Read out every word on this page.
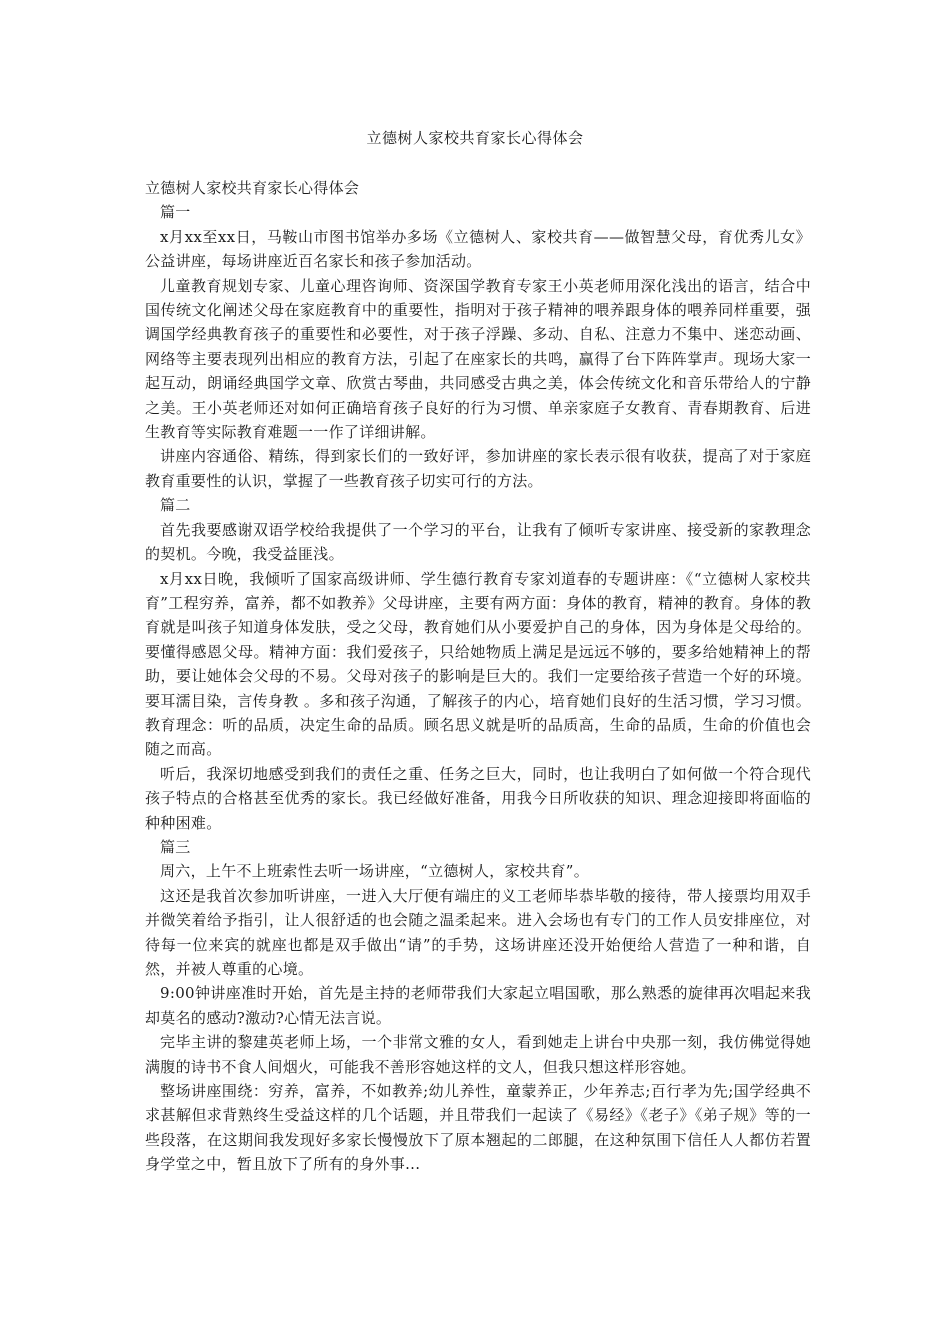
立德树人家校共育家长心得体会

立德树人家校共育家长心得体会

篇一

x月xx至xx日，马鞍山市图书馆举办多场《立德树人、家校共育——做智慧父母，育优秀儿女》公益讲座，每场讲座近百名家长和孩子参加活动。

儿童教育规划专家、儿童心理咨询师、资深国学教育专家王小英老师用深化浅出的语言，结合中国传统文化阐述父母在家庭教育中的重要性，指明对于孩子精神的喂养跟身体的喂养同样重要，强调国学经典教育孩子的重要性和必要性，对于孩子浮躁、多动、自私、注意力不集中、迷恋动画、网络等主要表现列出相应的教育方法，引起了在座家长的共鸣，赢得了台下阵阵掌声。现场大家一起互动，朗诵经典国学文章、欣赏古琴曲，共同感受古典之美，体会传统文化和音乐带给人的宁静之美。王小英老师还对如何正确培育孩子良好的行为习惯、单亲家庭子女教育、青春期教育、后进生教育等实际教育难题一一作了详细讲解。

讲座内容通俗、精练，得到家长们的一致好评，参加讲座的家长表示很有收获，提高了对于家庭教育重要性的认识，掌握了一些教育孩子切实可行的方法。

篇二

首先我要感谢双语学校给我提供了一个学习的平台，让我有了倾听专家讲座、接受新的家教理念的契机。今晚，我受益匪浅。

x月xx日晚，我倾听了国家高级讲师、学生德行教育专家刘道春的专题讲座：《“立德树人家校共育”工程穷养，富养，都不如教养》父母讲座，主要有两方面：身体的教育，精神的教育。身体的教育就是叫孩子知道身体发肤，受之父母，教育她们从小要爱护自己的身体，因为身体是父母给的。要懂得感恩父母。精神方面：我们爱孩子，只给她物质上满足是远远不够的，要多给她精神上的帮助，要让她体会父母的不易。父母对孩子的影响是巨大的。我们一定要给孩子营造一个好的环境。要耳濡目染，言传身教 。多和孩子沟通，了解孩子的内心，培育她们良好的生活习惯，学习习惯。教育理念：听的品质，决定生命的品质。顾名思义就是听的品质高，生命的品质，生命的价值也会随之而高。

听后，我深切地感受到我们的责任之重、任务之巨大，同时，也让我明白了如何做一个符合现代孩子特点的合格甚至优秀的家长。我已经做好准备，用我今日所收获的知识、理念迎接即将面临的种种困难。

篇三

周六，上午不上班索性去听一场讲座，“立德树人，家校共育”。

这还是我首次参加听讲座，一进入大厅便有端庄的义工老师毕恭毕敬的接待，带人接票均用双手并微笑着给予指引，让人很舒适的也会随之温柔起来。进入会场也有专门的工作人员安排座位，对待每一位来宾的就座也都是双手做出“请”的手势，这场讲座还没开始便给人营造了一种和谐，自然，并被人尊重的心境。

9:00钟讲座准时开始，首先是主持的老师带我们大家起立唱国歌，那么熟悉的旋律再次唱起来我却莫名的感动?激动?心情无法言说。

完毕主讲的黎建英老师上场，一个非常文雅的女人，看到她走上讲台中央那一刻，我仿佛觉得她满腹的诗书不食人间烟火，可能我不善形容她这样的文人，但我只想这样形容她。

整场讲座围绕：穷养，富养，不如教养;幼儿养性，童蒙养正，少年养志;百行孝为先;国学经典不求甚解但求背熟终生受益这样的几个话题，并且带我们一起读了《易经》《老子》《弟子规》等的一些段落，在这期间我发现好多家长慢慢放下了原本翘起的二郎腿，在这种氛围下信任人人都仿若置身学堂之中，暂且放下了所有的身外事...
